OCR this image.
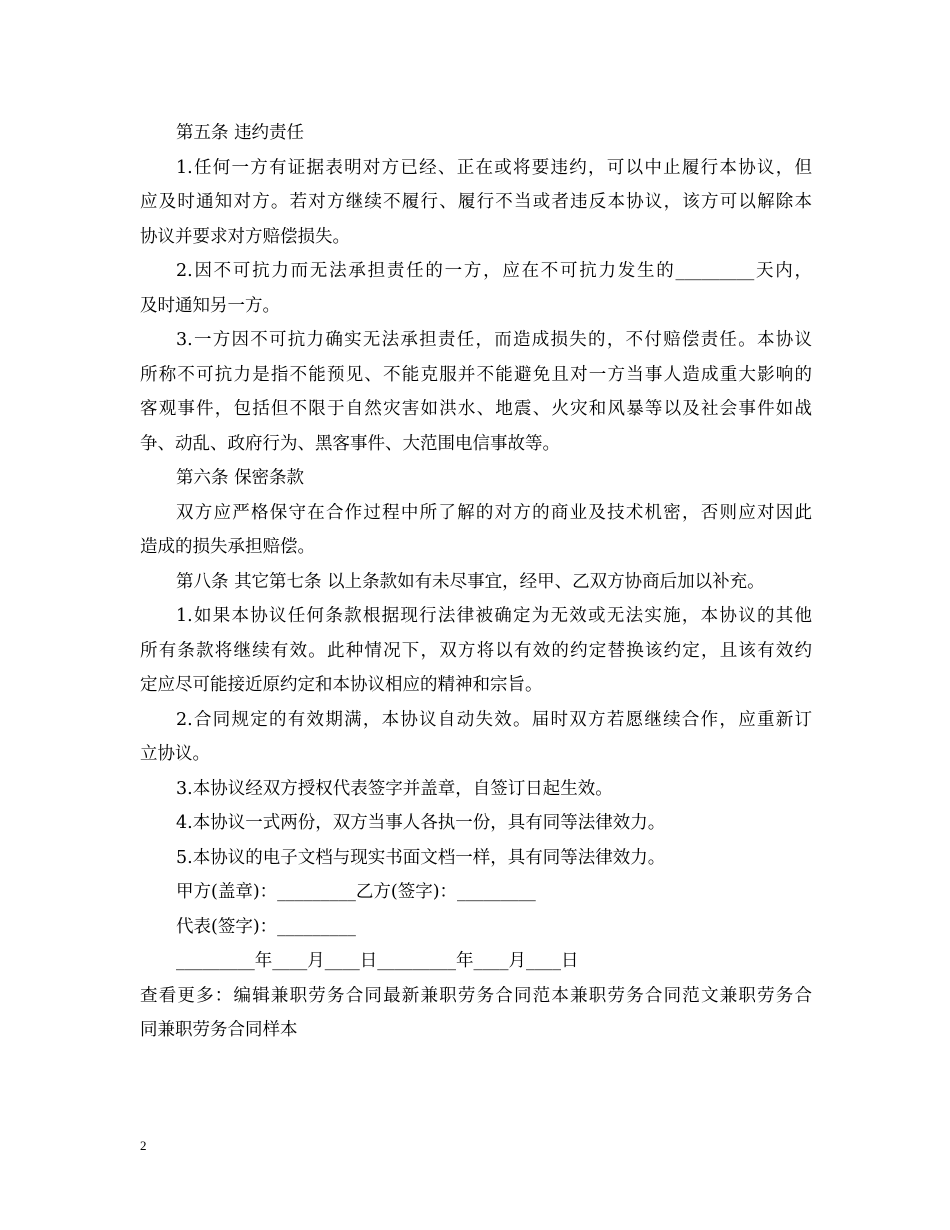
第五条 违约责任

1.任何一方有证据表明对方已经、正在或将要违约，可以中止履行本协议，但

应及时通知对方。若对方继续不履行、履行不当或者违反本协议，该方可以解除本

协议并要求对方赔偿损失。

2.因不可抗力而无法承担责任的一方，应在不可抗力发生的_________天内，

及时通知另一方。

3.一方因不可抗力确实无法承担责任，而造成损失的，不付赔偿责任。本协议

所称不可抗力是指不能预见、不能克服并不能避免且对一方当事人造成重大影响的

客观事件，包括但不限于自然灾害如洪水、地震、火灾和风暴等以及社会事件如战

争、动乱、政府行为、黑客事件、大范围电信事故等。

第六条 保密条款

双方应严格保守在合作过程中所了解的对方的商业及技术机密，否则应对因此

造成的损失承担赔偿。

第八条 其它第七条 以上条款如有未尽事宜，经甲、乙双方协商后加以补充。

1.如果本协议任何条款根据现行法律被确定为无效或无法实施，本协议的其他

所有条款将继续有效。此种情况下，双方将以有效的约定替换该约定，且该有效约

定应尽可能接近原约定和本协议相应的精神和宗旨。

2.合同规定的有效期满，本协议自动失效。届时双方若愿继续合作，应重新订

立协议。

3.本协议经双方授权代表签字并盖章，自签订日起生效。

4.本协议一式两份，双方当事人各执一份，具有同等法律效力。

5.本协议的电子文档与现实书面文档一样，具有同等法律效力。

甲方(盖章)：_________乙方(签字)：_________

代表(签字)：_________

_________年____月____日_________年____月____日

查看更多：编辑兼职劳务合同最新兼职劳务合同范本兼职劳务合同范文兼职劳务合

同兼职劳务合同样本

2
